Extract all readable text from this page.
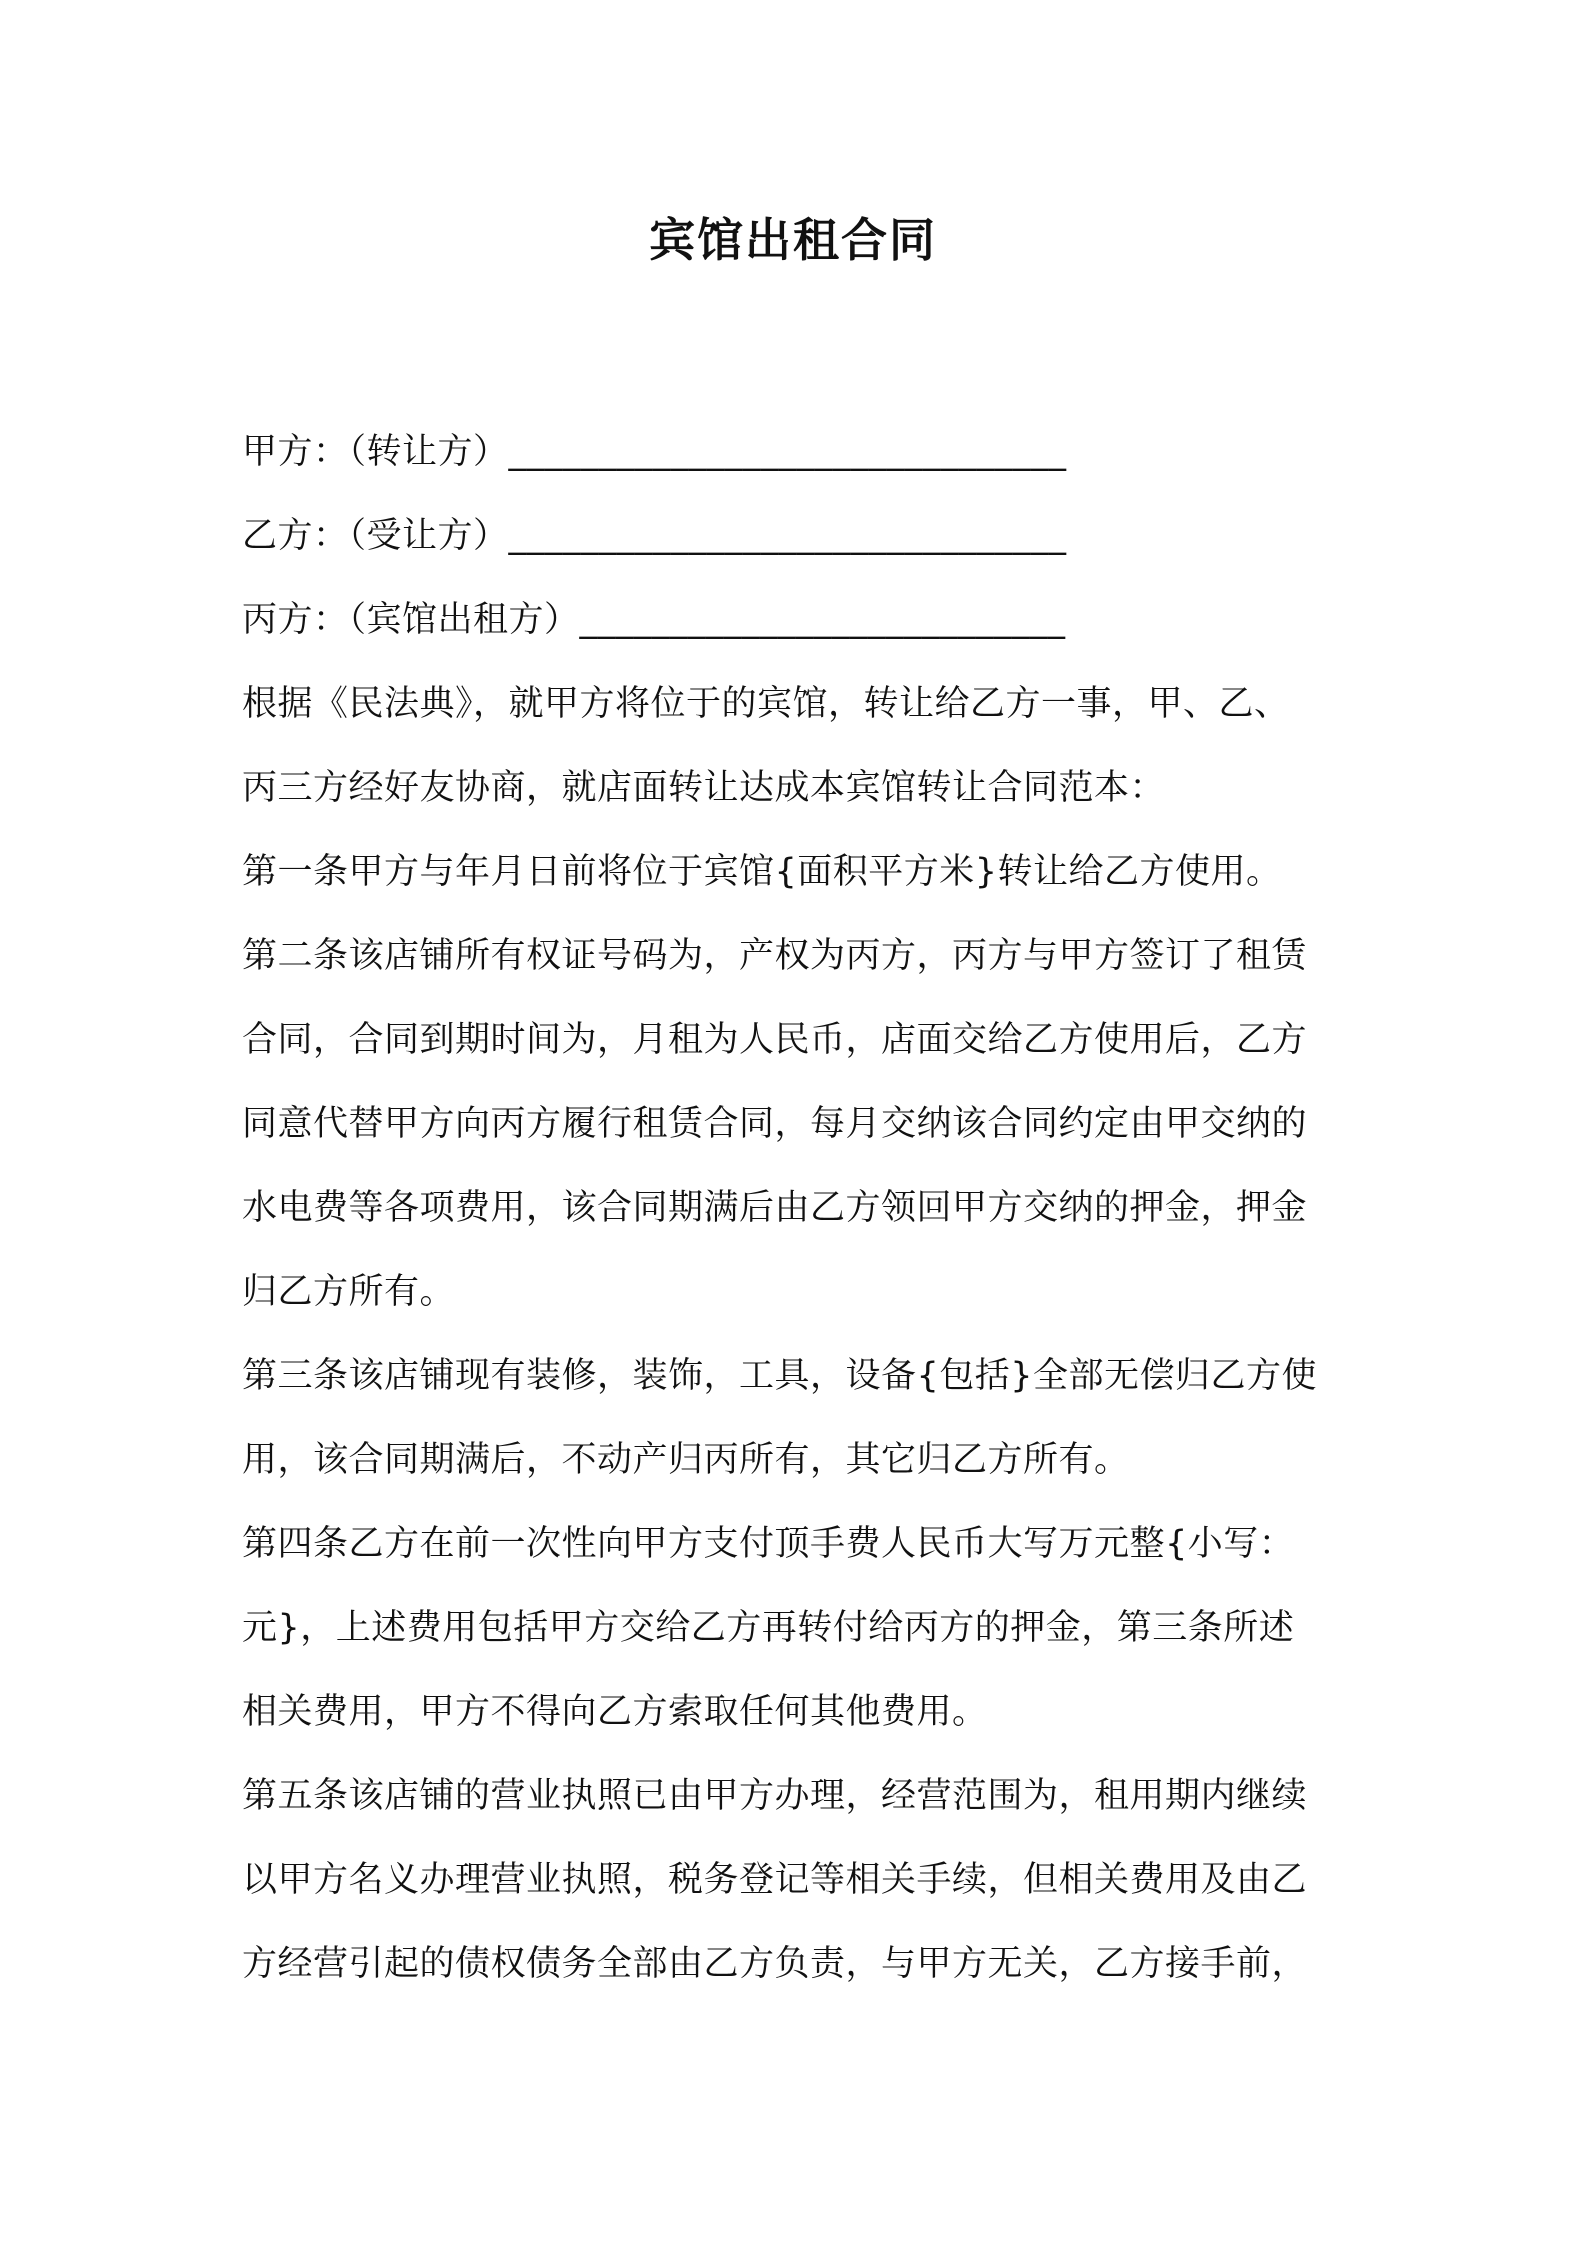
宾馆出租合同
甲方：（转让方）_______________________________
乙方：（受让方）_______________________________
丙方：（宾馆出租方）___________________________
根据《民法典》，就甲方将位于的宾馆，转让给乙方一事，甲、乙、
丙三方经好友协商，就店面转让达成本宾馆转让合同范本：
第一条甲方与年月日前将位于宾馆{面积平方米}转让给乙方使用。
第二条该店铺所有权证号码为，产权为丙方，丙方与甲方签订了租赁
合同，合同到期时间为，月租为人民币，店面交给乙方使用后，乙方
同意代替甲方向丙方履行租赁合同，每月交纳该合同约定由甲交纳的
水电费等各项费用，该合同期满后由乙方领回甲方交纳的押金，押金
归乙方所有。
第三条该店铺现有装修，装饰，工具，设备{包括}全部无偿归乙方使
用，该合同期满后，不动产归丙所有，其它归乙方所有。
第四条乙方在前一次性向甲方支付顶手费人民币大写万元整{小写：
元}，上述费用包括甲方交给乙方再转付给丙方的押金，第三条所述
相关费用，甲方不得向乙方索取任何其他费用。
第五条该店铺的营业执照已由甲方办理，经营范围为，租用期内继续
以甲方名义办理营业执照，税务登记等相关手续，但相关费用及由乙
方经营引起的债权债务全部由乙方负责，与甲方无关，乙方接手前，
